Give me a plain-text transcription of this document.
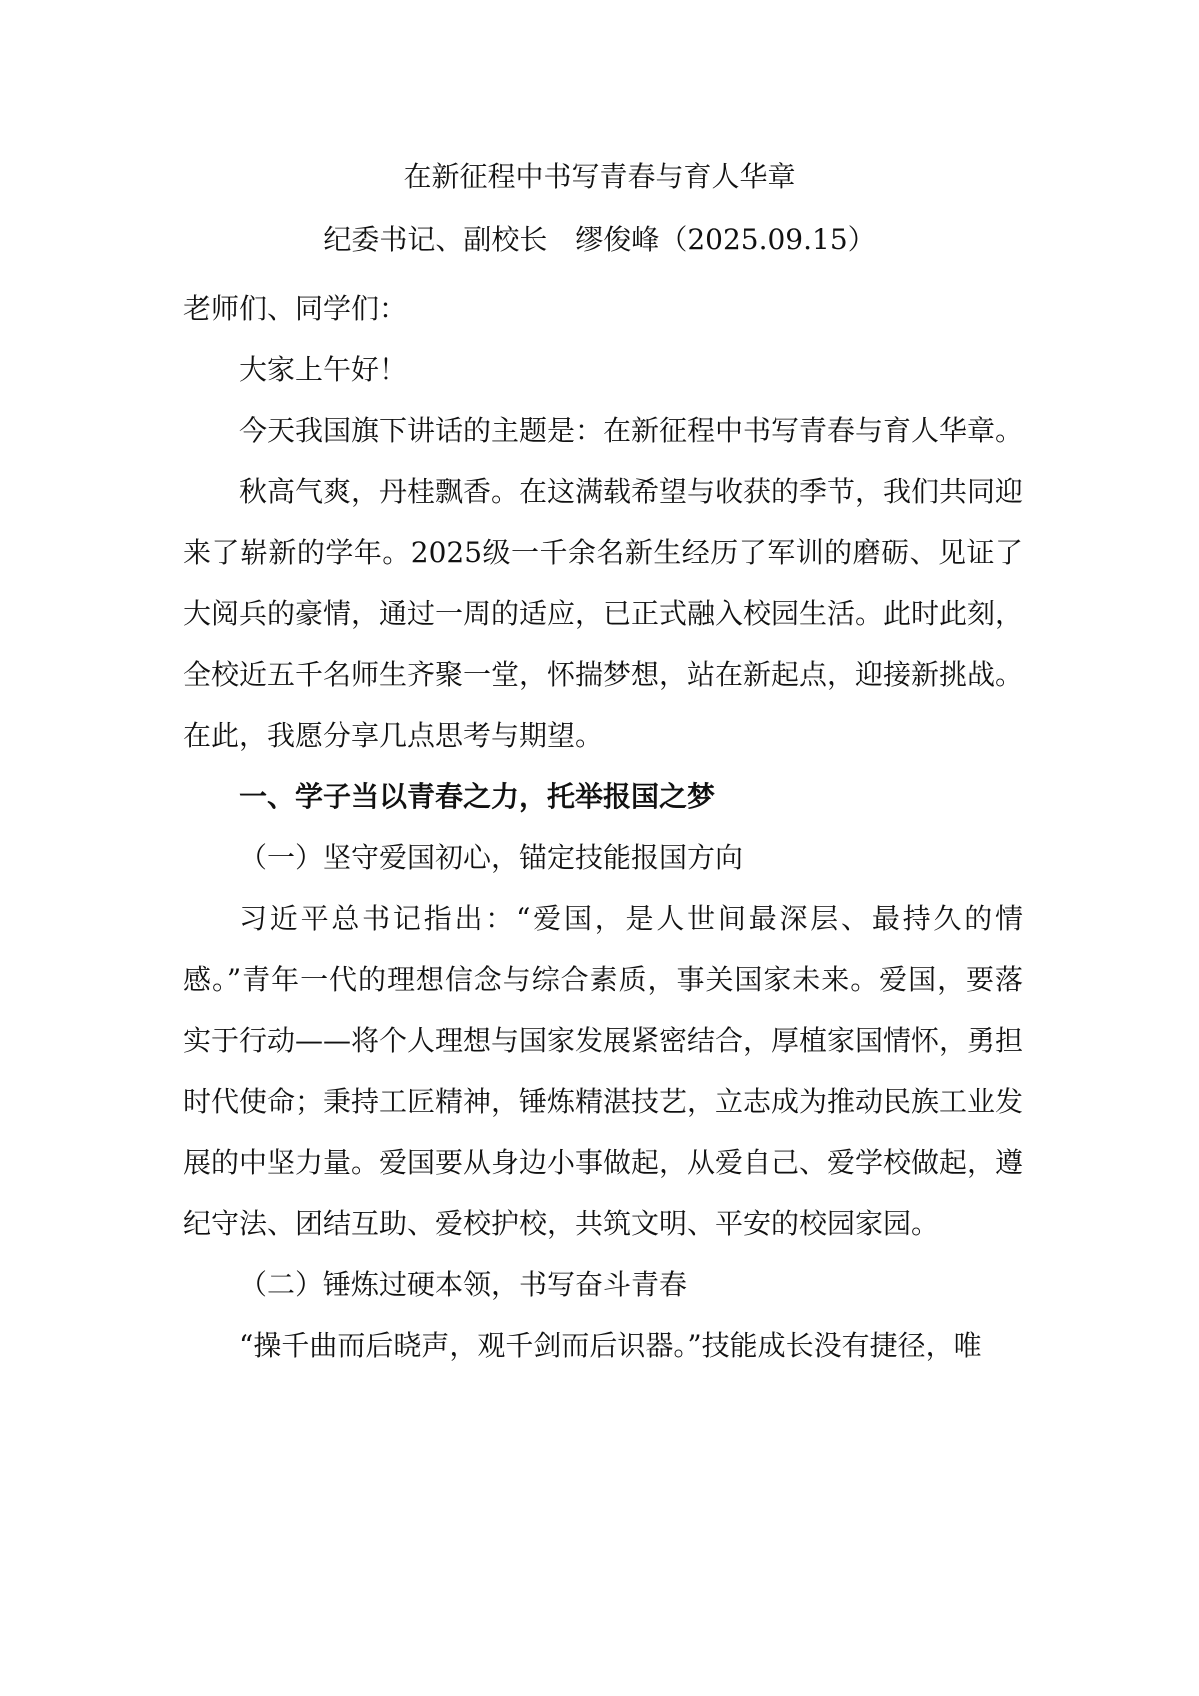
在新征程中书写青春与育人华章
纪委书记、副校长　缪俊峰（2025.09.15）

老师们、同学们：

大家上午好！

今天我国旗下讲话的主题是：在新征程中书写青春与育人华章。

秋高气爽，丹桂飘香。在这满载希望与收获的季节，我们共同迎来了崭新的学年。2025级一千余名新生经历了军训的磨砺、见证了大阅兵的豪情，通过一周的适应，已正式融入校园生活。此时此刻，全校近五千名师生齐聚一堂，怀揣梦想，站在新起点，迎接新挑战。在此，我愿分享几点思考与期望。

一、学子当以青春之力，托举报国之梦

（一）坚守爱国初心，锚定技能报国方向

习近平总书记指出：“爱国，是人世间最深层、最持久的情感。”青年一代的理想信念与综合素质，事关国家未来。爱国，要落实于行动——将个人理想与国家发展紧密结合，厚植家国情怀，勇担时代使命；秉持工匠精神，锤炼精湛技艺，立志成为推动民族工业发展的中坚力量。爱国要从身边小事做起，从爱自己、爱学校做起，遵纪守法、团结互助、爱校护校，共筑文明、平安的校园家园。

（二）锤炼过硬本领，书写奋斗青春

“操千曲而后晓声，观千剑而后识器。”技能成长没有捷径，唯
